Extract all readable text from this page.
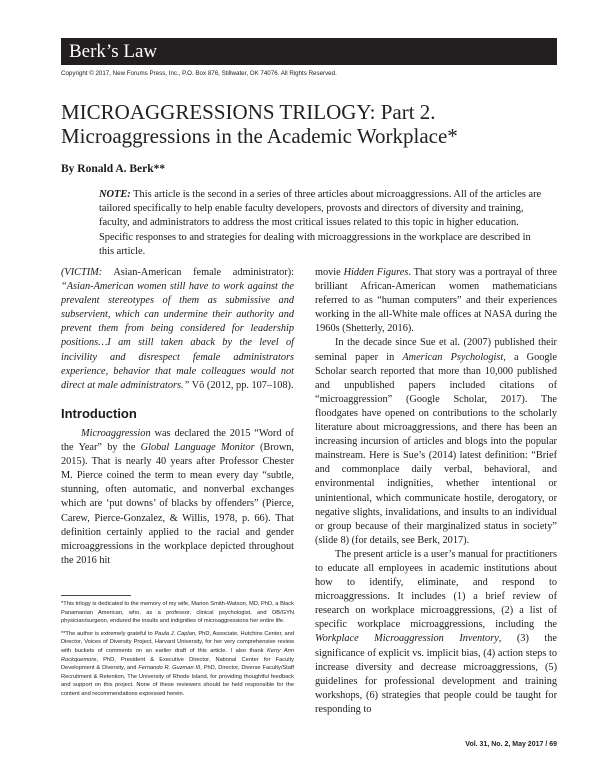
Berk’s Law
Copyright © 2017, New Forums Press, Inc., P.O. Box 876, Stillwater, OK 74076. All Rights Reserved.
MICROAGGRESSIONS TRILOGY: Part 2.
Microaggressions in the Academic Workplace*
By Ronald A. Berk**
NOTE: This article is the second in a series of three articles about microaggressions. All of the articles are tailored specifically to help enable faculty developers, provosts and directors of diversity and training, faculty, and administrators to address the most critical issues related to this topic in higher education. Specific responses to and strategies for dealing with microaggressions in the workplace are described in this article.

(VICTIM: Asian-American female administrator): “Asian-American women still have to work against the prevalent stereotypes of them as submissive and subservient, which can undermine their authority and prevent them from being considered for leadership positions…I am still taken aback by the level of incivility and disrespect female administrators experience, behavior that male colleagues would not direct at male administrators.” Võ (2012, pp. 107–108).

Introduction

Microaggression was declared the 2015 “Word of the Year” by the Global Language Monitor (Brown, 2015). That is nearly 40 years after Professor Chester M. Pierce coined the term to mean every day “subtle, stunning, often automatic, and nonverbal exchanges which are ‘put downs’ of blacks by offenders” (Pierce, Carew, Pierce-Gonzalez, & Willis, 1978, p. 66). That definition certainly applied to the racial and gender microaggressions in the workplace depicted throughout the 2016 hit

*This trilogy is dedicated to the memory of my wife, Marion Smith-Watson, MD, PhD, a Black Panamanian American, who, as a professor, clinical psychologist, and OB/GYN physician/surgeon, endured the insults and indignities of microaggressions her entire life.

**The author is extremely grateful to Paula J. Caplan, PhD, Associate, Hutchins Center, and Director, Voices of Diversity Project, Harvard University, for her very comprehensive review with buckets of comments on an earlier draft of this article. I also thank Kerry Ann Rockquemore, PhD, President & Executive Director, National Center for Faculty Development & Diversity, and Fernando R. Guzman III, PhD, Director, Diverse Faculty/Staff Recruitment & Retention, The University of Rhode Island, for providing thoughtful feedback and support on this project. None of these reviewers should be held responsible for the content and recommendations expressed herein.

movie Hidden Figures. That story was a portrayal of three brilliant African-American women mathematicians referred to as “human computers” and their experiences working in the all-White male offices at NASA during the 1960s (Shetterly, 2016).

In the decade since Sue et al. (2007) published their seminal paper in American Psychologist, a Google Scholar search reported that more than 10,000 published and unpublished papers included citations of “microaggression” (Google Scholar, 2017). The floodgates have opened on contributions to the scholarly literature about microaggressions, and there has been an increasing incursion of articles and blogs into the popular mainstream. Here is Sue’s (2014) latest definition: “Brief and commonplace daily verbal, behavioral, and environmental indignities, whether intentional or unintentional, which communicate hostile, derogatory, or negative slights, invalidations, and insults to an individual or group because of their marginalized status in society” (slide 8) (for details, see Berk, 2017).

The present article is a user’s manual for practitioners to educate all employees in academic institutions about how to identify, eliminate, and respond to microaggressions. It includes (1) a brief review of research on workplace microaggressions, (2) a list of specific workplace microaggressions, including the Workplace Microaggression Inventory, (3) the significance of explicit vs. implicit bias, (4) action steps to increase diversity and decrease microaggressions, (5) guidelines for professional development and training workshops, (6) strategies that people could be taught for responding to

Vol. 31, No. 2, May 2017 / 69
